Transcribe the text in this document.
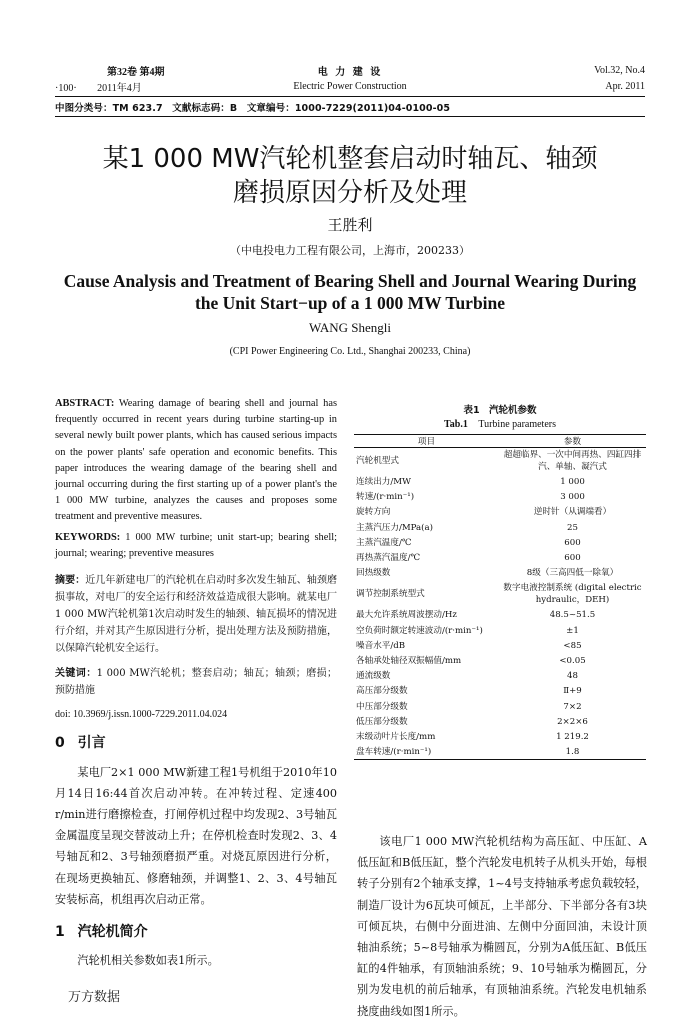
第32卷 第4期	电 力 建 设	Vol.32, No.4
·100· 2011年4月	Electric Power Construction	Apr. 2011
中图分类号：TM 623.7　文献标志码：B　文章编号：1000-7229(2011)04-0100-05
某1 000 MW汽轮机整套启动时轴瓦、轴颈
磨损原因分析及处理
王胜利
（中电投电力工程有限公司，上海市，200233）
Cause Analysis and Treatment of Bearing Shell and Journal Wearing During
the Unit Start−up of a 1 000 MW Turbine
WANG Shengli
(CPI Power Engineering Co. Ltd., Shanghai 200233, China)

ABSTRACT: Wearing damage of bearing shell and journal has frequently occurred in recent years during turbine starting-up in several newly built power plants, which has caused serious impacts on the power plants' safe operation and economic benefits. This paper introduces the wearing damage of the bearing shell and journal occurring during the first starting up of a power plant's the 1 000 MW turbine, analyzes the causes and proposes some treatment and preventive measures.

KEYWORDS: 1 000 MW turbine; unit start-up; bearing shell; journal; wearing; preventive measures

摘要：近几年新建电厂的汽轮机在启动时多次发生轴瓦、轴颈磨损事故，对电厂的安全运行和经济效益造成很大影响。就某电厂1 000 MW汽轮机第1次启动时发生的轴颈、轴瓦损坏的情况进行介绍，并对其产生原因进行分析，提出处理方法及预防措施，以保障汽轮机安全运行。

关键词：1 000 MW汽轮机；整套启动；轴瓦；轴颈；磨损；预防措施

doi: 10.3969/j.issn.1000-7229.2011.04.024

0 引言

某电厂2×1 000 MW新建工程1号机组于2010年10月14日16:44首次启动冲转。在冲转过程、定速400 r/min进行磨擦检查，打闸停机过程中均发现2、3号轴瓦金属温度呈现交替波动上升；在停机检查时发现2、3、4号轴瓦和2、3号轴颈磨损严重。对烧瓦原因进行分析，在现场更换轴瓦、修磨轴颈，并调整1、2、3、4号轴瓦安装标高，机组再次启动正常。

1 汽轮机简介

汽轮机相关参数如表1所示。

表1　汽轮机参数
Tab.1 Turbine parameters
项目	参数
汽轮机型式	超超临界、一次中间再热、四缸四排汽、单轴、凝汽式
连续出力/MW	1 000
转速/(r·min⁻¹)	3 000
旋转方向	逆时针（从调端看）
主蒸汽压力/MPa(a)	25
主蒸汽温度/℃	600
再热蒸汽温度/℃	600
回热级数	8级（三高四低一除氧）
调节控制系统型式	数字电液控制系统 (digital electric hydraulic，DEH)
最大允许系统周波摆动/Hz	48.5~51.5
空负荷时额定转速波动/(r·min⁻¹)	±1
噪音水平/dB	<85
各轴承处轴径双振幅值/mm	<0.05
通流级数	48
高压部分级数	Ⅱ+9
中压部分级数	7×2
低压部分级数	2×2×6
末级动叶片长度/mm	1 219.2
盘车转速/(r·min⁻¹)	1.8

该电厂1 000 MW汽轮机结构为高压缸、中压缸、A低压缸和B低压缸，整个汽轮发电机转子从机头开始，每根转子分别有2个轴承支撑，1~4号支持轴承考虑负载较轻，制造厂设计为6瓦块可倾瓦，上半部分、下半部分各有3块可倾瓦块，右侧中分面进油、左侧中分面回油，未设计顶轴油系统；5~8号轴承为椭圆瓦，分别为A低压缸、B低压缸的4件轴承，有顶轴油系统；9、10号轴承为椭圆瓦，分别为发电机的前后轴承，有顶轴油系统。汽轮发电机轴系挠度曲线如图1所示。

万方数据
